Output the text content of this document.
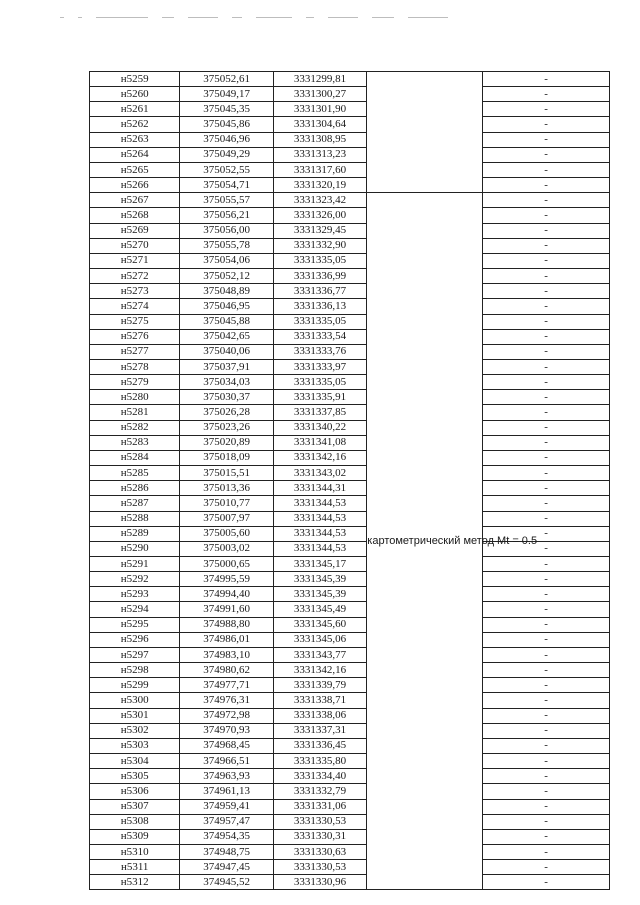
н5259	375052,61	3331299,81		-
н5260	375049,17	3331300,27		-
н5261	375045,35	3331301,90		-
н5262	375045,86	3331304,64		-
н5263	375046,96	3331308,95		-
н5264	375049,29	3331313,23		-
н5265	375052,55	3331317,60		-
н5266	375054,71	3331320,19		-
н5267	375055,57	3331323,42	картометрический метод Mt = 0.5	-
н5268	375056,21	3331326,00		-
н5269	375056,00	3331329,45		-
н5270	375055,78	3331332,90		-
н5271	375054,06	3331335,05		-
н5272	375052,12	3331336,99		-
н5273	375048,89	3331336,77		-
н5274	375046,95	3331336,13		-
н5275	375045,88	3331335,05		-
н5276	375042,65	3331333,54		-
н5277	375040,06	3331333,76		-
н5278	375037,91	3331333,97		-
н5279	375034,03	3331335,05		-
н5280	375030,37	3331335,91		-
н5281	375026,28	3331337,85		-
н5282	375023,26	3331340,22		-
н5283	375020,89	3331341,08		-
н5284	375018,09	3331342,16		-
н5285	375015,51	3331343,02		-
н5286	375013,36	3331344,31		-
н5287	375010,77	3331344,53		-
н5288	375007,97	3331344,53		-
н5289	375005,60	3331344,53		-
н5290	375003,02	3331344,53		-
н5291	375000,65	3331345,17		-
н5292	374995,59	3331345,39		-
н5293	374994,40	3331345,39		-
н5294	374991,60	3331345,49		-
н5295	374988,80	3331345,60		-
н5296	374986,01	3331345,06		-
н5297	374983,10	3331343,77		-
н5298	374980,62	3331342,16		-
н5299	374977,71	3331339,79		-
н5300	374976,31	3331338,71		-
н5301	374972,98	3331338,06		-
н5302	374970,93	3331337,31		-
н5303	374968,45	3331336,45		-
н5304	374966,51	3331335,80		-
н5305	374963,93	3331334,40		-
н5306	374961,13	3331332,79		-
н5307	374959,41	3331331,06		-
н5308	374957,47	3331330,53		-
н5309	374954,35	3331330,31		-
н5310	374948,75	3331330,63		-
н5311	374947,45	3331330,53		-
н5312	374945,52	3331330,96		-
